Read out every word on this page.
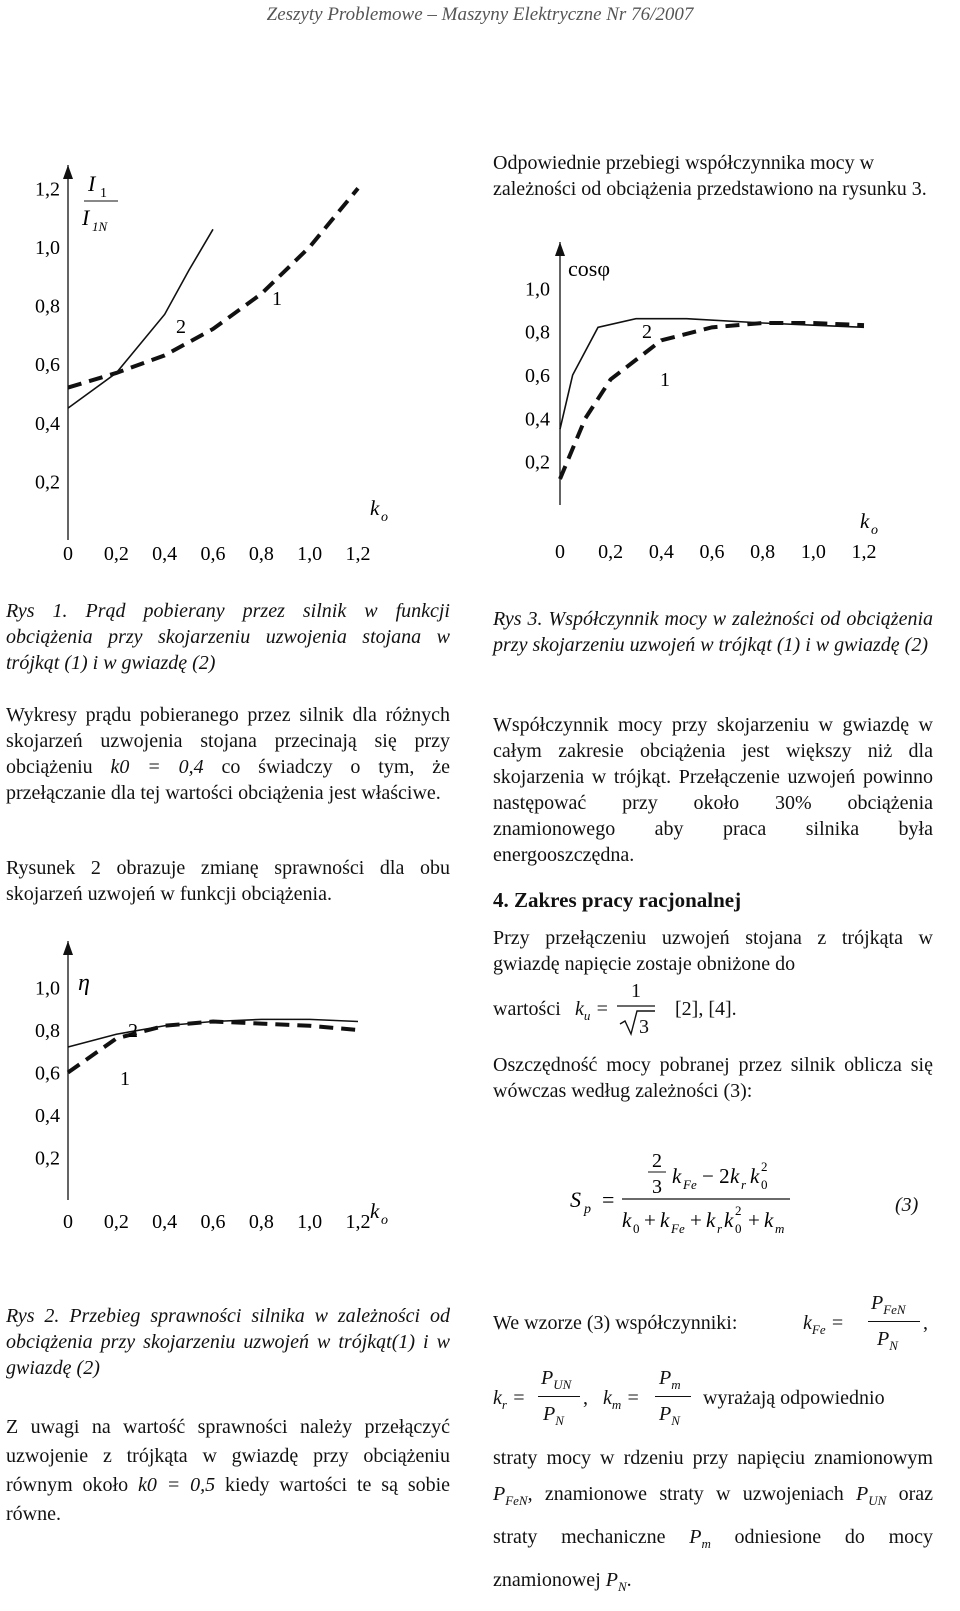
Zeszyty Problemowe – Maszyny Elektryczne Nr 76/2007
0,2
0,4
0,6
0,8
1,0
1,2
0 0,2 0,4 0,6 0,8 1,0 1,2
k o
I 1
I 1N
1
2
Rys 1. Prąd pobierany przez silnik w funkcji obciążenia przy skojarzeniu uzwojenia stojana w trójkąt (1) i w gwiazdę (2)
Wykresy prądu pobieranego przez silnik dla różnych skojarzeń uzwojenia stojana przecinają się przy obciążeniu k0 = 0,4 co świadczy o tym, że przełączanie dla tej wartości obciążenia jest właściwe.
Rysunek 2 obrazuje zmianę sprawności dla obu skojarzeń uzwojeń w funkcji obciążenia.
0,2
0,4
0,6
0,8
1,0
0 0,2 0,4 0,6 0,8 1,0 1,2 k o
η
1
2
Rys 2. Przebieg sprawności silnika w zależności od obciążenia przy skojarzeniu uzwojeń w trójkąt(1) i w gwiazdę (2)
Z uwagi na wartość sprawności należy przełączyć uzwojenie z trójkąta w gwiazdę przy obciążeniu równym około k0 = 0,5 kiedy wartości te są sobie równe.
Odpowiednie przebiegi współczynnika mocy w zależności od obciążenia przedstawiono na rysunku 3.
0,2
0,4
0,6
0,8
1,0
0 0,2 0,4 0,6 0,8 1,0 1,2
k o
cosφ
1
2
Rys 3. Współczynnik mocy w zależności od obciążenia przy skojarzeniu uzwojeń w trójkąt (1) i w gwiazdę (2)
Współczynnik mocy przy skojarzeniu w gwiazdę w całym zakresie obciążenia jest większy niż dla skojarzenia w trójkąt. Przełączenie uzwojeń powinno następować przy około 30% obciążenia znamionowego aby praca silnika była energooszczędna.
4. Zakres pracy racjonalnej
Przy przełączeniu uzwojeń stojana z trójkąta w gwiazdę napięcie zostaje obniżone do
wartości $k_u$ =
1
3
[2], [4].
Oszczędność mocy pobranej przez silnik oblicza się wówczas według zależności (3):
S p =
2
3 k Fe − 2 k r k 0
2
k 0 + k Fe + k r k 0
2 + k m
(3)
We wzorze (3) współczynniki:	$k_{Fe}$ =
$P_{FeN}$
$P_N$
,
$k_r$ =
$P_{UN}$
$P_N$
, $k_m$ =
$P_m$
$P_N$
wyrażają odpowiednio
straty mocy w rdzeniu przy napięciu znamionowym $P_{FeN}$, znamionowe straty w uzwojeniach $P_{UN}$ oraz straty mechaniczne $P_m$ odniesione do mocy znamionowej $P_N$.
